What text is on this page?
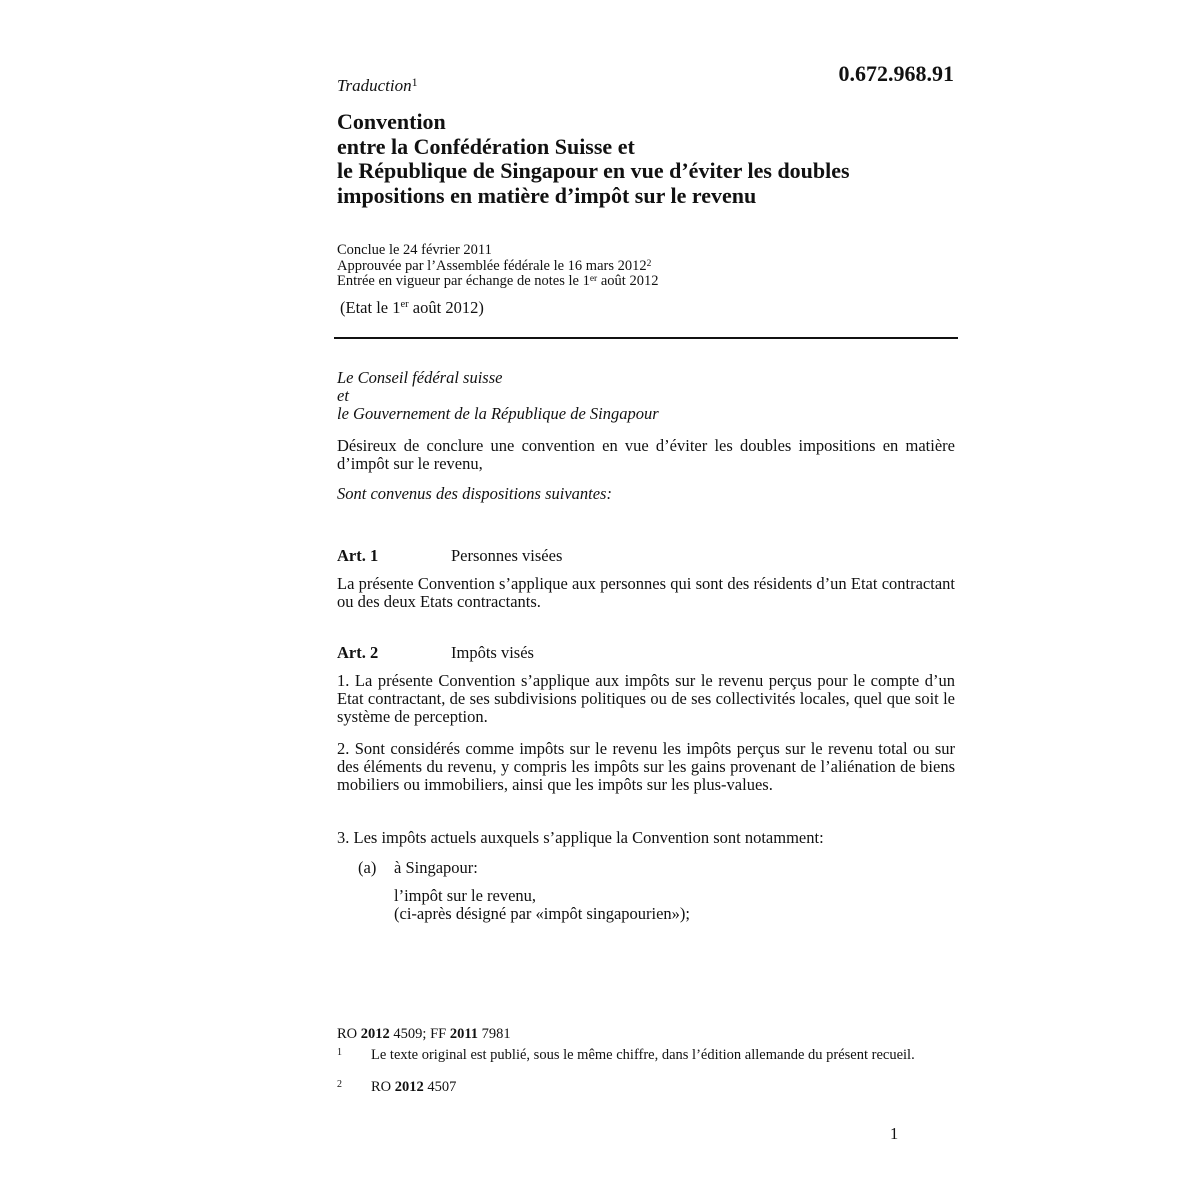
Traduction$^1$	0.672.968.91
Convention
entre la Confédération Suisse et
le République de Singapour en vue d’éviter les doubles
impositions en matière d’impôt sur le revenu
Conclue le 24 février 2011
Approuvée par l’Assemblée fédérale le 16 mars 2012$^2$
Entrée en vigueur par échange de notes le 1er août 2012
(Etat le 1er août 2012)
Le Conseil fédéral suisse
et
le Gouvernement de la République de Singapour
Désireux de conclure une convention en vue d’éviter les doubles impositions en matière d’impôt sur le revenu,
Sont convenus des dispositions suivantes:
Art. 1	Personnes visées
La présente Convention s’applique aux personnes qui sont des résidents d’un Etat contractant ou des deux Etats contractants.
Art. 2	Impôts visés
1. La présente Convention s’applique aux impôts sur le revenu perçus pour le compte d’un Etat contractant, de ses subdivisions politiques ou de ses collectivités locales, quel que soit le système de perception.
2. Sont considérés comme impôts sur le revenu les impôts perçus sur le revenu total ou sur des éléments du revenu, y compris les impôts sur les gains provenant de l’aliénation de biens mobiliers ou immobiliers, ainsi que les impôts sur les plus-values.
3. Les impôts actuels auxquels s’applique la Convention sont notamment:
(a) à Singapour:
l’impôt sur le revenu,
(ci-après désigné par «impôt singapourien»);
RO 2012 4509; FF 2011 7981
1 Le texte original est publié, sous le même chiffre, dans l’édition allemande du présent recueil.
2 RO 2012 4507
1
